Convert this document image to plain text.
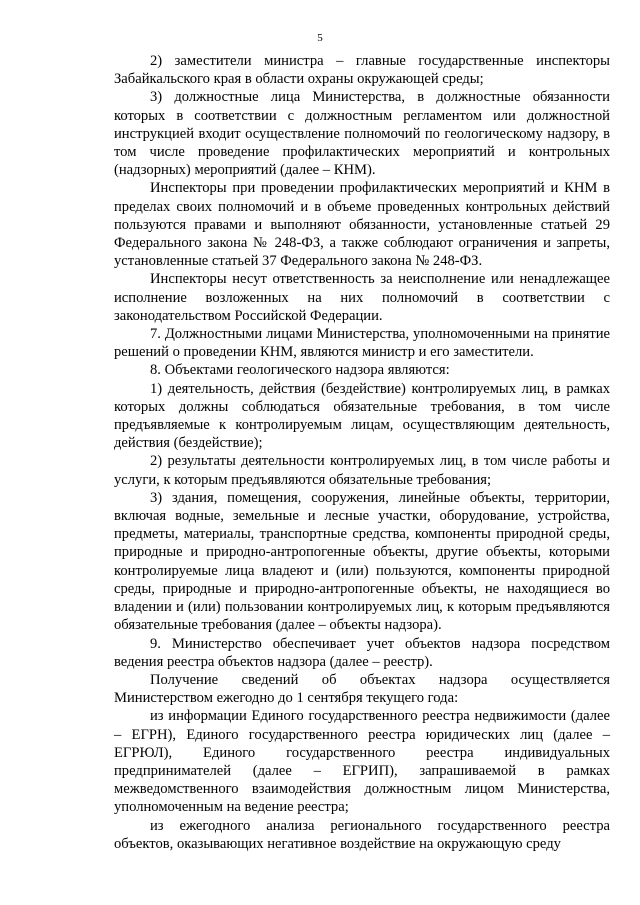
5

2) заместители министра – главные государственные инспекторы Забайкальского края в области охраны окружающей среды;

3) должностные лица Министерства, в должностные обязанности которых в соответствии с должностным регламентом или должностной инструкцией входит осуществление полномочий по геологическому надзору, в том числе проведение профилактических мероприятий и контрольных (надзорных) мероприятий (далее – КНМ).

Инспекторы при проведении профилактических мероприятий и КНМ в пределах своих полномочий и в объеме проведенных контрольных действий пользуются правами и выполняют обязанности, установленные статьей 29 Федерального закона № 248-ФЗ, а также соблюдают ограничения и запреты, установленные статьей 37 Федерального закона № 248-ФЗ.

Инспекторы несут ответственность за неисполнение или ненадлежащее исполнение возложенных на них полномочий в соответствии с законодательством Российской Федерации.

7. Должностными лицами Министерства, уполномоченными на принятие решений о проведении КНМ, являются министр и его заместители.

8. Объектами геологического надзора являются:

1) деятельность, действия (бездействие) контролируемых лиц, в рамках которых должны соблюдаться обязательные требования, в том числе предъявляемые к контролируемым лицам, осуществляющим деятельность, действия (бездействие);

2) результаты деятельности контролируемых лиц, в том числе работы и услуги, к которым предъявляются обязательные требования;

3) здания, помещения, сооружения, линейные объекты, территории, включая водные, земельные и лесные участки, оборудование, устройства, предметы, материалы, транспортные средства, компоненты природной среды, природные и природно-антропогенные объекты, другие объекты, которыми контролируемые лица владеют и (или) пользуются, компоненты природной среды, природные и природно-антропогенные объекты, не находящиеся во владении и (или) пользовании контролируемых лиц, к которым предъявляются обязательные требования (далее – объекты надзора).

9. Министерство обеспечивает учет объектов надзора посредством ведения реестра объектов надзора (далее – реестр).

Получение сведений об объектах надзора осуществляется Министерством ежегодно до 1 сентября текущего года:

из информации Единого государственного реестра недвижимости (далее – ЕГРН), Единого государственного реестра юридических лиц (далее – ЕГРЮЛ), Единого государственного реестра индивидуальных предпринимателей (далее – ЕГРИП), запрашиваемой в рамках межведомственного взаимодействия должностным лицом Министерства, уполномоченным на ведение реестра;

из ежегодного анализа регионального государственного реестра объектов, оказывающих негативное воздействие на окружающую среду
